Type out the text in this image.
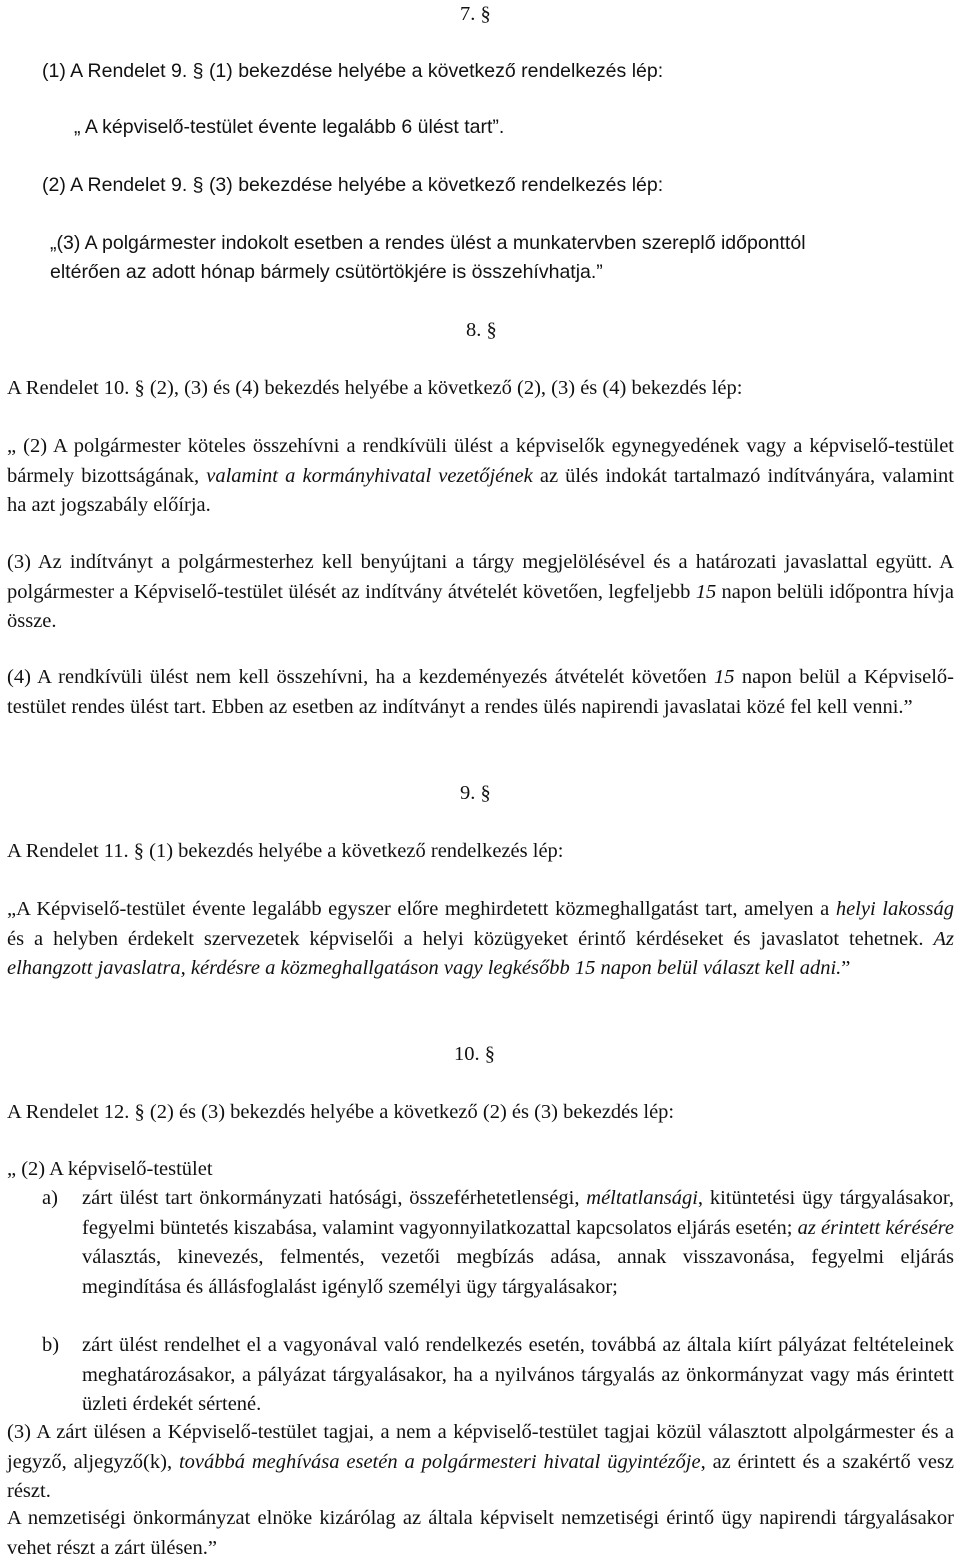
7. §
(1) A Rendelet 9. § (1) bekezdése helyébe a következő rendelkezés lép:
„ A képviselő-testület évente legalább 6 ülést tart”.
(2) A Rendelet 9. § (3) bekezdése helyébe a következő rendelkezés lép:
„(3) A polgármester indokolt esetben a rendes ülést a munkatervben szereplő időponttól
eltérően az adott hónap bármely csütörtökjére is összehívhatja.”
8. §
A Rendelet 10. § (2), (3) és (4) bekezdés helyébe a következő (2), (3) és (4) bekezdés lép:
„ (2) A polgármester köteles összehívni a rendkívüli ülést a képviselők egynegyedének vagy a képviselő-testület bármely bizottságának, valamint a kormányhivatal vezetőjének az ülés indokát tartalmazó indítványára, valamint ha azt jogszabály előírja.
(3) Az indítványt a polgármesterhez kell benyújtani a tárgy megjelölésével és a határozati javaslattal együtt. A polgármester a Képviselő-testület ülését az indítvány átvételét követően, legfeljebb 15 napon belüli időpontra hívja össze.
(4) A rendkívüli ülést nem kell összehívni, ha a kezdeményezés átvételét követően 15 napon belül a Képviselő-testület rendes ülést tart. Ebben az esetben az indítványt a rendes ülés napirendi javaslatai közé fel kell venni.”
9. §
A Rendelet 11. § (1) bekezdés helyébe a következő rendelkezés lép:
„A Képviselő-testület évente legalább egyszer előre meghirdetett közmeghallgatást tart, amelyen a helyi lakosság és a helyben érdekelt szervezetek képviselői a helyi közügyeket érintő kérdéseket és javaslatot tehetnek. Az elhangzott javaslatra, kérdésre a közmeghallgatáson vagy legkésőbb 15 napon belül választ kell adni.”
10. §
A Rendelet 12. § (2) és (3) bekezdés helyébe a következő (2) és (3) bekezdés lép:
„ (2) A képviselő-testület
a)	zárt ülést tart önkormányzati hatósági, összeférhetetlenségi, méltatlansági, kitüntetési ügy tárgyalásakor, fegyelmi büntetés kiszabása, valamint vagyonnyilatkozattal kapcsolatos eljárás esetén; az érintett kérésére választás, kinevezés, felmentés, vezetői megbízás adása, annak visszavonása, fegyelmi eljárás megindítása és állásfoglalást igénylő személyi ügy tárgyalásakor;
b)	zárt ülést rendelhet el a vagyonával való rendelkezés esetén, továbbá az általa kiírt pályázat feltételeinek meghatározásakor, a pályázat tárgyalásakor, ha a nyilvános tárgyalás az önkormányzat vagy más érintett üzleti érdekét sértené.
(3) A zárt ülésen a Képviselő-testület tagjai, a nem a képviselő-testület tagjai közül választott alpolgármester és a jegyző, aljegyző(k), továbbá meghívása esetén a polgármesteri hivatal ügyintézője, az érintett és a szakértő vesz részt.
A nemzetiségi önkormányzat elnöke kizárólag az általa képviselt nemzetiségi érintő ügy napirendi tárgyalásakor vehet részt a zárt ülésen.”
